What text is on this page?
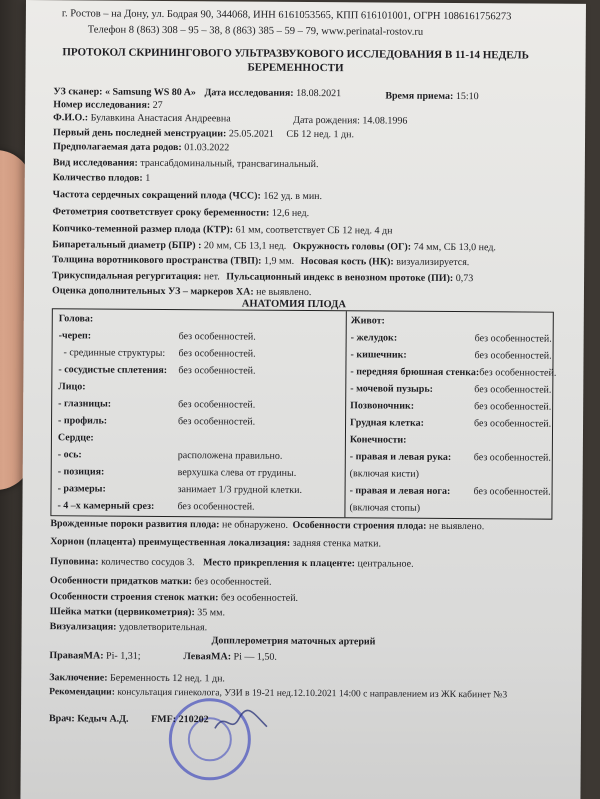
г. Ростов – на Дону, ул. Бодрая 90, 344068, ИНН 6161053565, КПП 616101001, ОГРН 1086161756273
Телефон 8 (863) 308 – 95 – 38, 8 (863) 385 – 59 – 79, www.perinatal-rostov.ru
ПРОТОКОЛ СКРИНИНГОВОГО УЛЬТРАЗВУКОВОГО ИССЛЕДОВАНИЯ В 11-14 НЕДЕЛЬ
БЕРЕМЕННОСТИ
УЗ сканер: « Samsung WS 80 A» Дата исследования: 18.08.2021	Время приема: 15:10
Номер исследования: 27
Ф.И.О.: Булавкина Анастасия Андреевна	Дата рождения: 14.08.1996
Первый день последней менструации: 25.05.2021 СБ 12 нед. 1 дн.
Предполагаемая дата родов: 01.03.2022
Вид исследования: трансабдоминальный, трансвагинальный.
Количество плодов: 1
Частота сердечных сокращений плода (ЧСС): 162 уд. в мин.
Фетометрия соответствует сроку беременности: 12,6 нед.
Копчико-теменной размер плода (КТР): 61 мм, соответствует СБ 12 нед. 4 дн
Бипаретальный диаметр (БПР) : 20 мм, СБ 13,1 нед. Окружность головы (ОГ): 74 мм, СБ 13,0 нед.
Толщина воротникового пространства (ТВП): 1,9 мм. Носовая кость (НК): визуализируется.
Трикуспидальная регургитация: нет. Пульсационный индекс в венозном протоке (ПИ): 0,73
Оценка дополнительных УЗ – маркеров ХА: не выявлено.
АНАТОМИЯ ПЛОДА
Голова:
-череп:	без особенностей.
- срединные структуры: без особенностей.
- сосудистые сплетения: без особенностей.
Лицо:
- глазницы:	без особенностей.
- профиль:	без особенностей.
Сердце:
- ось:	расположена правильно.
- позиция:	верхушка слева от грудины.
- размеры:	занимает 1/3 грудной клетки.
- 4 –х камерный срез: без особенностей.
Живот:
- желудок:	без особенностей.
- кишечник:	без особенностей.
- передняя брюшная стенка:без особенностей.
- мочевой пузырь:	без особенностей.
Позвоночник:	без особенностей.
Грудная клетка:	без особенностей.
Конечности:
- правая и левая рука: без особенностей.
(включая кисти)
- правая и левая нога: без особенностей.
(включая стопы)
Врожденные пороки развития плода: не обнаружено. Особенности строения плода: не выявлено.
Хорион (плацента) преимущественная локализация: задняя стенка матки.
Пуповина: количество сосудов 3. Место прикрепления к плаценте: центральное.
Особенности придатков матки: без особенностей.
Особенности строения стенок матки: без особенностей.
Шейка матки (цервикометрия): 35 мм.
Визуализация: удовлетворительная.
Допплерометрия маточных артерий
ПраваяМА: Pi- 1,31;	ЛеваяМА: Pi — 1,50.
Заключение: Беременность 12 нед. 1 дн.
Рекомендации: консультация гинеколога, УЗИ в 19-21 нед.12.10.2021 14:00 с направлением из ЖК кабинет №3
Врач: Кедыч А.Д. FMF: 210202
